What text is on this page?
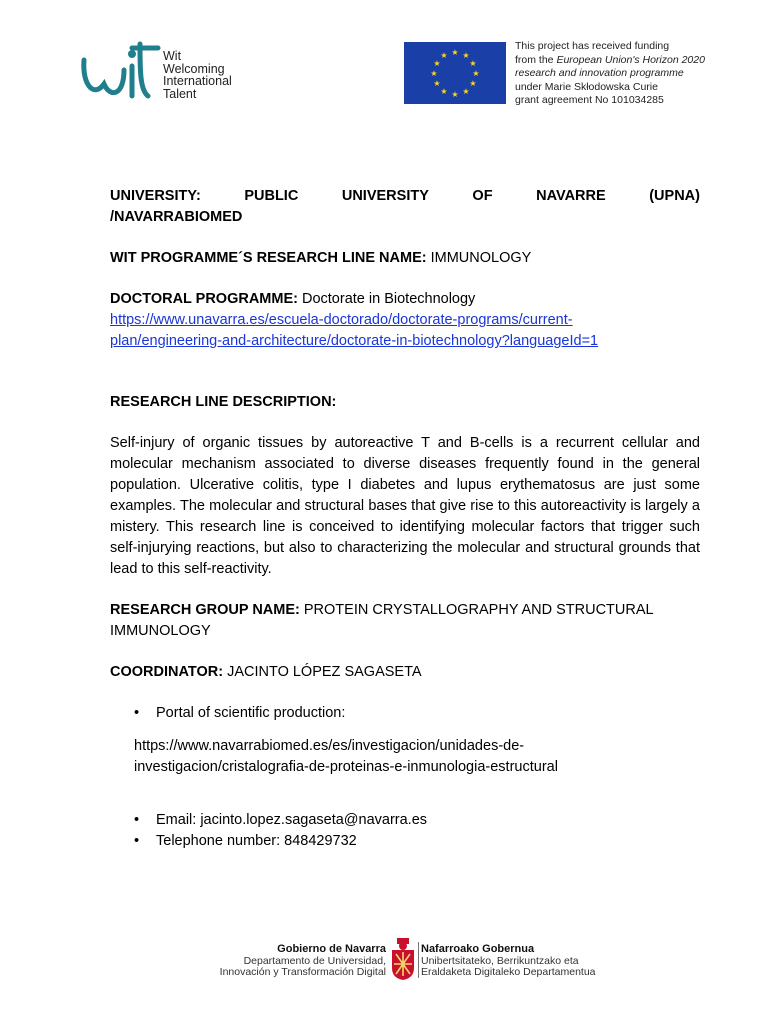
Wit
Welcoming
International
Talent
★ ★
★
★
★
★
★
★
★
★
★
★
This project has received funding
from the European Union's Horizon 2020
research and innovation programme
under Marie Skłodowska Curie
grant agreement No 101034285
UNIVERSITY:	PUBLIC	UNIVERSITY	OF	NAVARRE	(UPNA)
/NAVARRABIOMED
WIT PROGRAMME´S RESEARCH LINE NAME: IMMUNOLOGY
DOCTORAL PROGRAMME: Doctorate in Biotechnology
https://www.unavarra.es/escuela-doctorado/doctorate-programs/current-
plan/engineering-and-architecture/doctorate-in-biotechnology?languageId=1
RESEARCH LINE DESCRIPTION:
Self-injury of organic tissues by autoreactive T and B-cells is a recurrent cellular and molecular mechanism associated to diverse diseases frequently found in the general population. Ulcerative colitis, type I diabetes and lupus erythematosus are just some examples. The molecular and structural bases that give rise to this autoreactivity is largely a mistery. This research line is conceived to identifying molecular factors that trigger such self-injurying reactions, but also to characterizing the molecular and structural grounds that lead to this self-reactivity.
RESEARCH GROUP NAME: PROTEIN CRYSTALLOGRAPHY AND STRUCTURAL IMMUNOLOGY
COORDINATOR: JACINTO LÓPEZ SAGASETA
• Portal of scientific production:
https://www.navarrabiomed.es/es/investigacion/unidades-de-
investigacion/cristalografia-de-proteinas-e-inmunologia-estructural
• Email: jacinto.lopez.sagaseta@navarra.es
• Telephone number: 848429732
Gobierno de Navarra
Departamento de Universidad,
Innovación y Transformación Digital
Nafarroako Gobernua
Unibertsitateko, Berrikuntzako eta
Eraldaketa Digitaleko Departamentua
